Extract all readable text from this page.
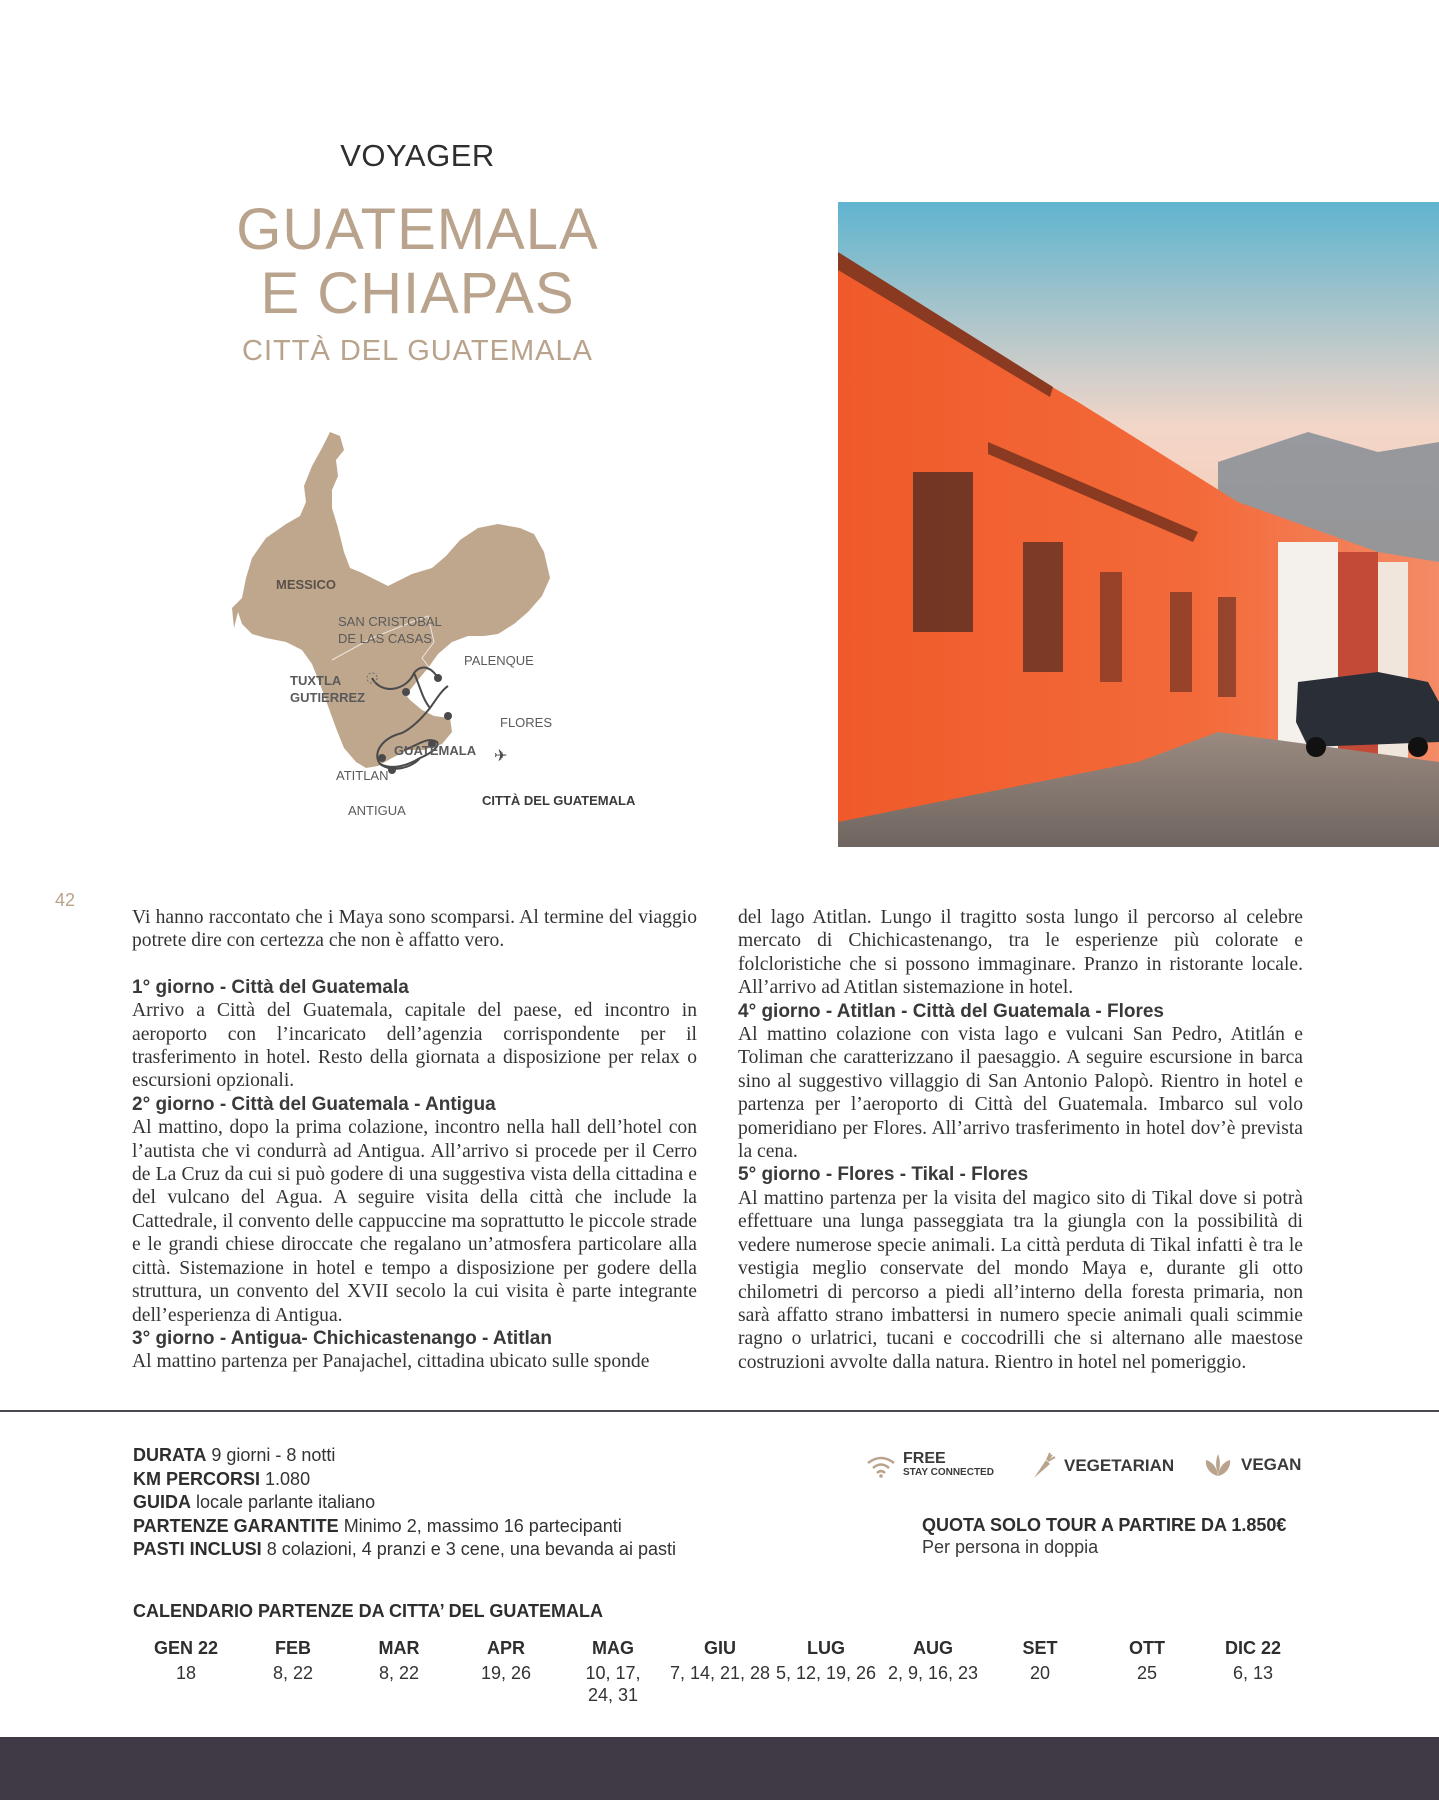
VOYAGER
GUATEMALA
E CHIAPAS
CITTÀ DEL GUATEMALA
✈
MESSICO
SAN CRISTOBAL
DE LAS CASAS
PALENQUE
TUXTLA
GUTIERREZ
FLORES
GUATEMALA
ATITLAN
ANTIGUA
CITTÀ DEL GUATEMALA
42

Vi hanno raccontato che i Maya sono scomparsi. Al termine del viaggio potrete dire con certezza che non è affatto vero.

1° giorno - Città del Guatemala

Arrivo a Città del Guatemala, capitale del paese, ed incontro in aeroporto con l’incaricato dell’agenzia corrispondente per il trasferimento in hotel. Resto della giornata a disposizione per relax o escursioni opzionali.

2° giorno - Città del Guatemala - Antigua

Al mattino, dopo la prima colazione, incontro nella hall dell’hotel con l’autista che vi condurrà ad Antigua. All’arrivo si procede per il Cerro de La Cruz da cui si può godere di una suggestiva vista della cittadina e del vulcano del Agua. A seguire visita della città che include la Cattedrale, il convento delle cappuccine ma soprattutto le piccole strade e le grandi chiese diroccate che regalano un’atmosfera particolare alla città. Sistemazione in hotel e tempo a disposizione per godere della struttura, un convento del XVII secolo la cui visita è parte integrante dell’esperienza di Antigua.

3° giorno - Antigua- Chichicastenango - Atitlan

Al mattino partenza per Panajachel, cittadina ubicato sulle sponde

del lago Atitlan. Lungo il tragitto sosta lungo il percorso al celebre mercato di Chichicastenango, tra le esperienze più colorate e folcloristiche che si possono immaginare. Pranzo in ristorante locale. All’arrivo ad Atitlan sistemazione in hotel.

4° giorno - Atitlan - Città del Guatemala - Flores

Al mattino colazione con vista lago e vulcani San Pedro, Atitlán e Toliman che caratterizzano il paesaggio. A seguire escursione in barca sino al suggestivo villaggio di San Antonio Palopò. Rientro in hotel e partenza per l’aeroporto di Città del Guatemala. Imbarco sul volo pomeridiano per Flores. All’arrivo trasferimento in hotel dov’è prevista la cena.

5° giorno - Flores - Tikal - Flores

Al mattino partenza per la visita del magico sito di Tikal dove si potrà effettuare una lunga passeggiata tra la giungla con la possibilità di vedere numerose specie animali. La città perduta di Tikal infatti è tra le vestigia meglio conservate del mondo Maya e, durante gli otto chilometri di percorso a piedi all’interno della foresta primaria, non sarà affatto strano imbattersi in numero specie animali quali scimmie ragno o urlatrici, tucani e coccodrilli che si alternano alle maestose costruzioni avvolte dalla natura. Rientro in hotel nel pomeriggio.

DURATA 9 giorni - 8 notti
KM PERCORSI 1.080
GUIDA locale parlante italiano
PARTENZE GARANTITE Minimo 2, massimo 16 partecipanti
PASTI INCLUSI 8 colazioni, 4 pranzi e 3 cene, una bevanda ai pasti
FREE
STAY CONNECTED	VEGETARIAN	VEGAN
QUOTA SOLO TOUR A PARTIRE DA 1.850€
Per persona in doppia
CALENDARIO PARTENZE DA CITTA’ DEL GUATEMALA
GEN 22
18
FEB
8, 22
MAR
8, 22
APR
19, 26
MAG
10, 17, 24, 31
GIU
7, 14, 21, 28
LUG
5, 12, 19, 26
AUG
2, 9, 16, 23
SET
20
OTT
25
DIC 22
6, 13
